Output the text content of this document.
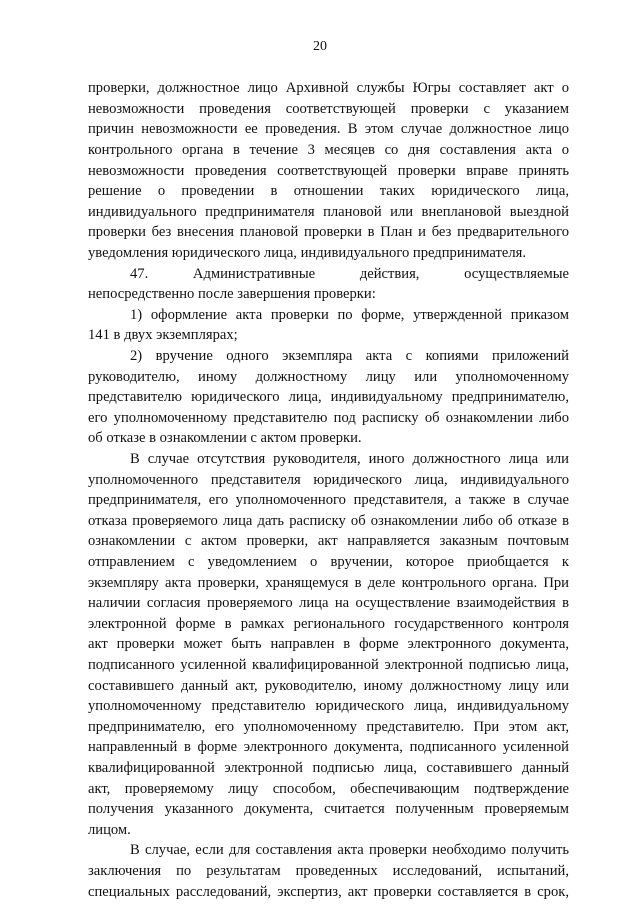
20
проверки, должностное лицо Архивной службы Югры составляет акт о
невозможности проведения соответствующей проверки с указанием
причин невозможности ее проведения. В этом случае должностное лицо
контрольного органа в течение 3 месяцев со дня составления акта о
невозможности проведения соответствующей проверки вправе принять
решение о проведении в отношении таких юридического лица,
индивидуального предпринимателя плановой или внеплановой выездной
проверки без внесения плановой проверки в План и без предварительного
уведомления юридического лица, индивидуального предпринимателя.
47. Административные действия, осуществляемые
непосредственно после завершения проверки:
1) оформление акта проверки по форме, утвержденной приказом
141 в двух экземплярах;
2) вручение одного экземпляра акта с копиями приложений
руководителю, иному должностному лицу или уполномоченному
представителю юридического лица, индивидуальному предпринимателю,
его уполномоченному представителю под расписку об ознакомлении либо
об отказе в ознакомлении с актом проверки.
В случае отсутствия руководителя, иного должностного лица или
уполномоченного представителя юридического лица, индивидуального
предпринимателя, его уполномоченного представителя, а также в случае
отказа проверяемого лица дать расписку об ознакомлении либо об отказе в
ознакомлении с актом проверки, акт направляется заказным почтовым
отправлением с уведомлением о вручении, которое приобщается к
экземпляру акта проверки, хранящемуся в деле контрольного органа. При
наличии согласия проверяемого лица на осуществление взаимодействия в
электронной форме в рамках регионального государственного контроля
акт проверки может быть направлен в форме электронного документа,
подписанного усиленной квалифицированной электронной подписью лица,
составившего данный акт, руководителю, иному должностному лицу или
уполномоченному представителю юридического лица, индивидуальному
предпринимателю, его уполномоченному представителю. При этом акт,
направленный в форме электронного документа, подписанного усиленной
квалифицированной электронной подписью лица, составившего данный
акт, проверяемому лицу способом, обеспечивающим подтверждение
получения указанного документа, считается полученным проверяемым
лицом.
В случае, если для составления акта проверки необходимо получить
заключения по результатам проведенных исследований, испытаний,
специальных расследований, экспертиз, акт проверки составляется в срок,
